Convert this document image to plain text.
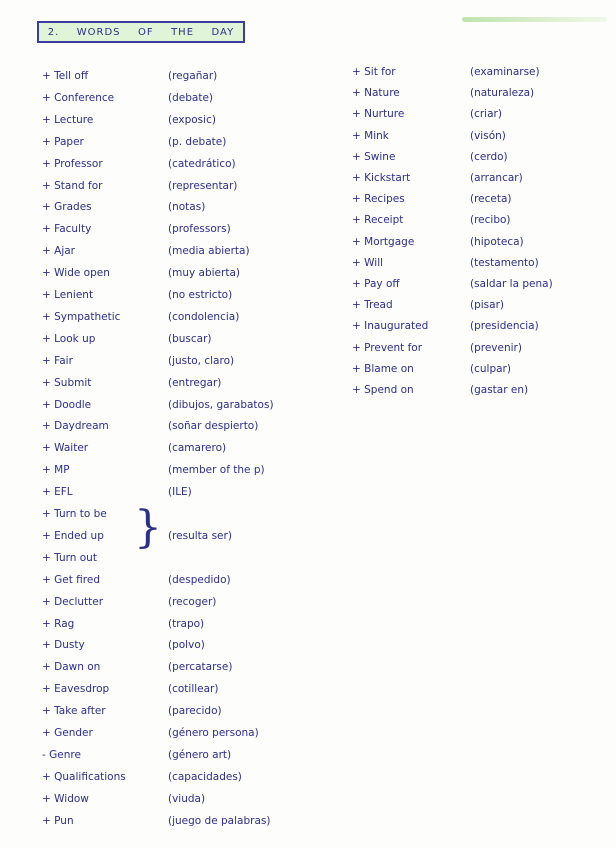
2. WORDS OF THE DAY
+ Tell off	(regañar)
+ Conference	(debate)
+ Lecture	(exposic)
+ Paper	(p. debate)
+ Professor	(catedrático)
+ Stand for	(representar)
+ Grades	(notas)
+ Faculty	(professors)
+ Ajar	(media abierta)
+ Wide open	(muy abierta)
+ Lenient	(no estricto)
+ Sympathetic	(condolencia)
+ Look up	(buscar)
+ Fair	(justo, claro)
+ Submit	(entregar)
+ Doodle	(dibujos, garabatos)
+ Daydream	(soñar despierto)
+ Waiter	(camarero)
+ MP	(member of the p)
+ EFL	(ILE)
+ Turn to be
+ Ended up	(resulta ser)
+ Turn out
+ Get fired	(despedido)
+ Declutter	(recoger)
+ Rag	(trapo)
+ Dusty	(polvo)
+ Dawn on	(percatarse)
+ Eavesdrop	(cotillear)
+ Take after	(parecido)
+ Gender	(género persona)
- Genre	(género art)
+ Qualifications	(capacidades)
+ Widow	(viuda)
+ Pun	(juego de palabras)
+ Sit for	(examinarse)
+ Nature	(naturaleza)
+ Nurture	(criar)
+ Mink	(visón)
+ Swine	(cerdo)
+ Kickstart	(arrancar)
+ Recipes	(receta)
+ Receipt	(recibo)
+ Mortgage	(hipoteca)
+ Will	(testamento)
+ Pay off	(saldar la pena)
+ Tread	(pisar)
+ Inaugurated	(presidencia)
+ Prevent for	(prevenir)
+ Blame on	(culpar)
+ Spend on	(gastar en)
}
